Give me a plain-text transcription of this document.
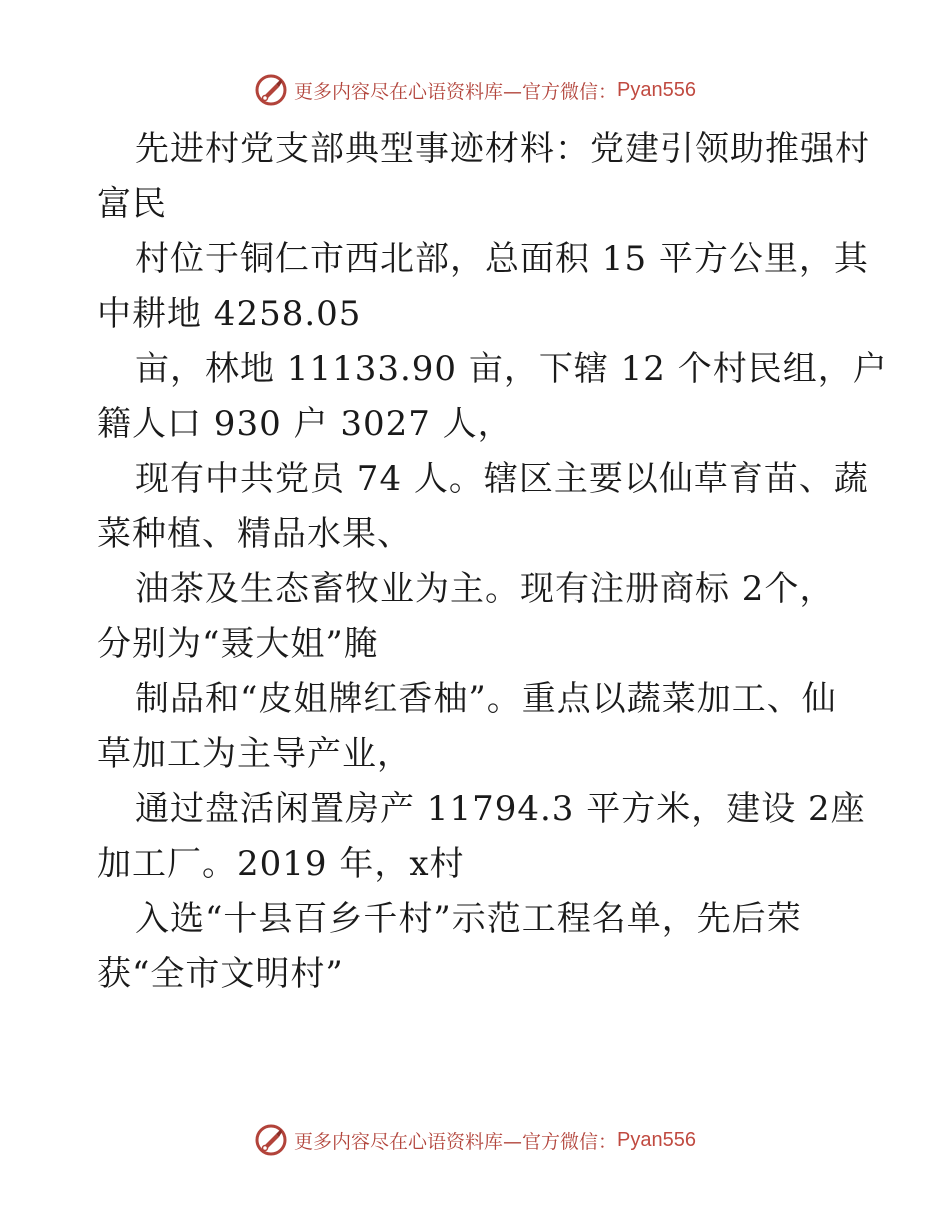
更多内容尽在心语资料库—官方微信： Pyan556
先进村党支部典型事迹材料：党建引领助推强村
富民
村位于铜仁市西北部，总面积 15 平方公里，其
中耕地 4258.05
亩，林地 11133.90 亩，下辖 12 个村民组，户
籍人口 930 户 3027 人，
现有中共党员 74 人。辖区主要以仙草育苗、蔬
菜种植、精品水果、
油茶及生态畜牧业为主。现有注册商标 2个，
分别为“聂大姐”腌
制品和“皮姐牌红香柚”。重点以蔬菜加工、仙
草加工为主导产业，
通过盘活闲置房产 11794.3 平方米，建设 2座
加工厂。2019 年，x村
入选“十县百乡千村”示范工程名单，先后荣
获“全市文明村”
更多内容尽在心语资料库—官方微信： Pyan556
